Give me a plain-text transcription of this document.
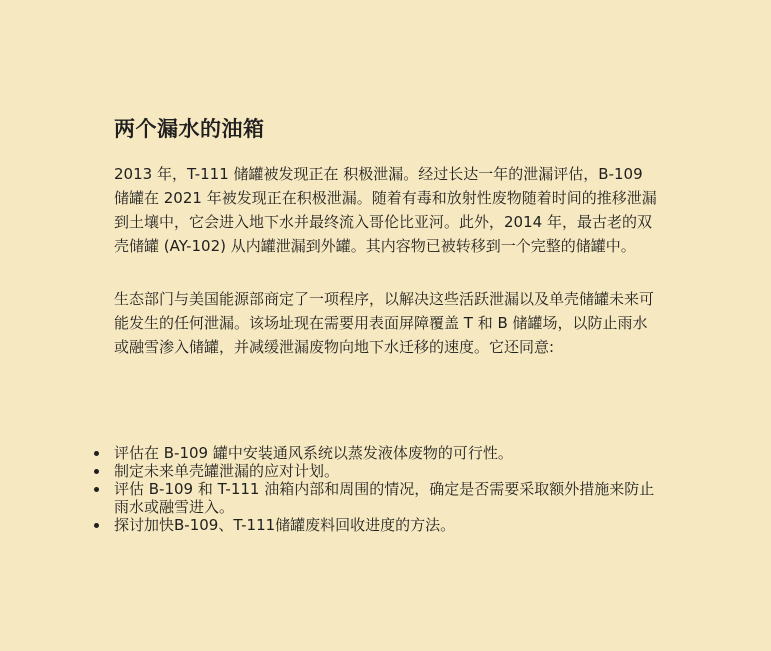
两个漏水的油箱

2013 年，T-111 储罐被发现正在 积极泄漏。经过长达一年的泄漏评估，B-109 储罐在 2021 年被发现正在积极泄漏。随着有毒和放射性废物随着时间的推移泄漏到土壤中，它会进入地下水并最终流入哥伦比亚河。此外，2014 年，最古老的双壳储罐 (AY-102) 从内罐泄漏到外罐。其内容物已被转移到一个完整的储罐中。

生态部门与美国能源部商定了一项程序，以解决这些活跃泄漏以及单壳储罐未来可能发生的任何泄漏。该场址现在需要用表面屏障覆盖 T 和 B 储罐场，以防止雨水或融雪渗入储罐，并减缓泄漏废物向地下水迁移的速度。它还同意:

评估在 B-109 罐中安装通风系统以蒸发液体废物的可行性。
制定未来单壳罐泄漏的应对计划。
评估 B-109 和 T-111 油箱内部和周围的情况，确定是否需要采取额外措施来防止雨水或融雪进入。
探讨加快B-109、T-111储罐废料回收进度的方法。
